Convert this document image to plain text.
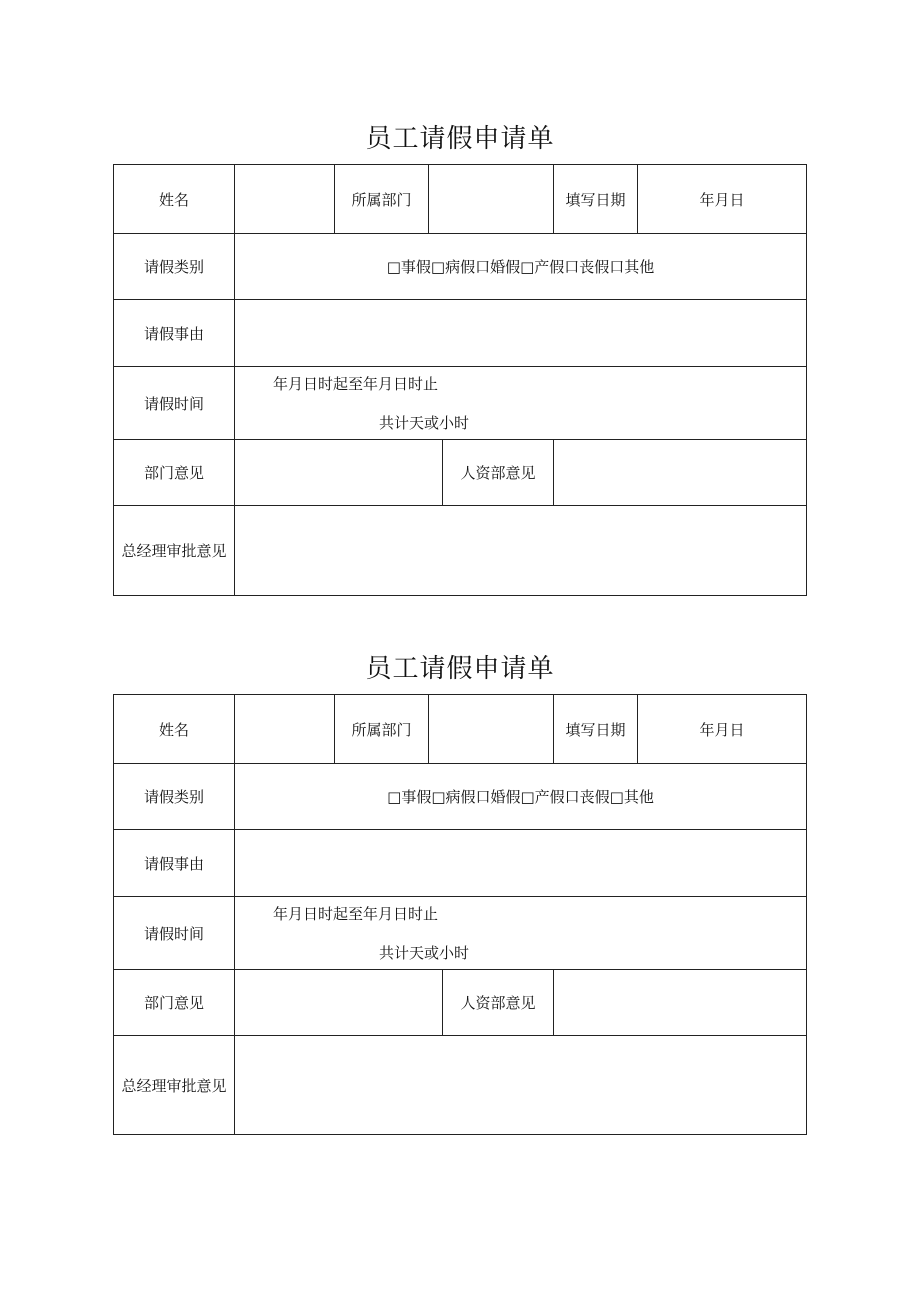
员工请假申请单
姓名		所属部门			填写日期	年月日
请假类别	□事假□病假口婚假□产假口丧假口其他					
请假事由						
请假时间	年月日时起至年月日时止
共计天或小时					

部门意见				人资部意见		
总经理审批意见						
员工请假申请单
姓名		所属部门			填写日期	年月日
请假类别	□事假□病假口婚假□产假口丧假□其他					
请假事由						
请假时间	年月日时起至年月日时止
共计天或小时					

部门意见				人资部意见		
总经理审批意见						
